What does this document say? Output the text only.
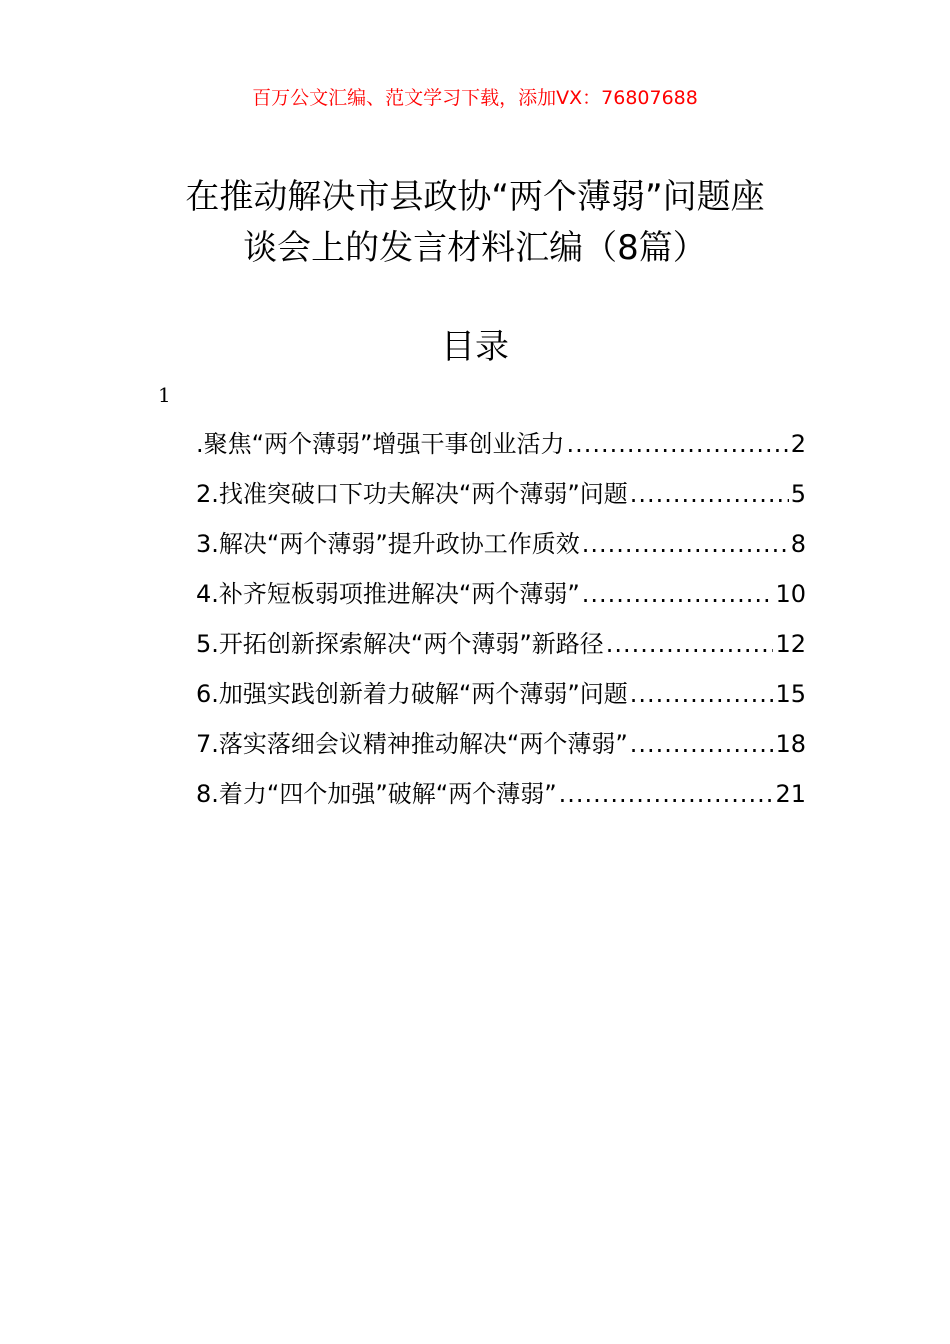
百万公文汇编、范文学习下载，添加VX：76807688
在推动解决市县政协“两个薄弱”问题座
谈会上的发言材料汇编（8篇）
目录
1
.聚焦“两个薄弱”增强干事创业活力 .....	2
2.找准突破口下功夫解决“两个薄弱”问题 .....	5
3.解决“两个薄弱”提升政协工作质效 .....	8
4.补齐短板弱项推进解决“两个薄弱” .....	10
5.开拓创新探索解决“两个薄弱”新路径 .....	12
6.加强实践创新着力破解“两个薄弱”问题 .....	15
7.落实落细会议精神推动解决“两个薄弱” .....	18
8.着力“四个加强”破解“两个薄弱” .....	21
